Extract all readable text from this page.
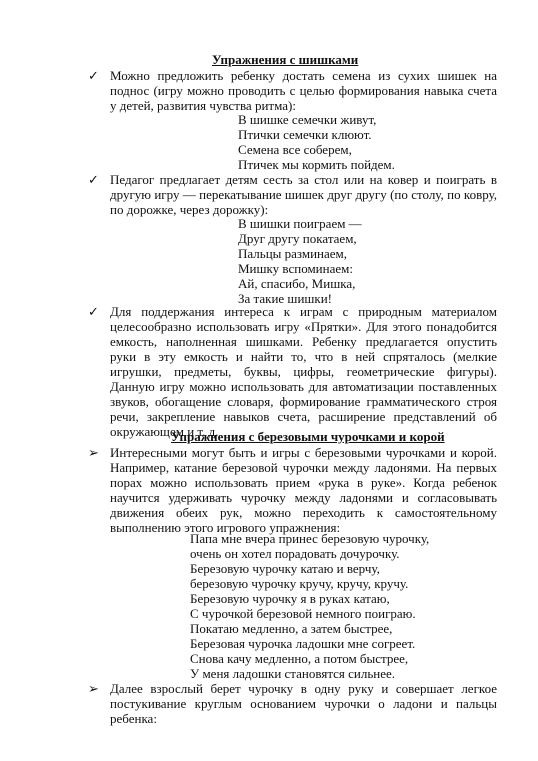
Упражнения с шишками
✓ Можно предложить ребенку достать семена из сухих шишек на поднос (игру можно проводить с целью формирования навыка счета у детей, развития чувства ритма):

В шишке семечки живут,
Птички семечки клюют.
Семена все соберем,
Птичек мы кормить пойдем.
✓ Педагог предлагает детям сесть за стол или на ковер и поиграть в другую игру — перекатывание шишек друг другу (по столу, по ковру, по дорожке, через дорожку):

В шишки поиграем —
Друг другу покатаем,
Пальцы разминаем,
Мишку вспоминаем:
Ай, спасибо, Мишка,
За такие шишки!
✓ Для поддержания интереса к играм с природным материалом целесообразно использовать игру «Прятки». Для этого понадобится емкость, наполненная шишками. Ребенку предлагается опустить руки в эту емкость и найти то, что в ней спряталось (мелкие игрушки, предметы, буквы, цифры, геометрические фигуры). Данную игру можно использовать для автоматизации поставленных звуков, обогащение словаря, формирование грамматического строя речи, закрепление навыков счета, расширение представлений об окружающем и т. д.

Упражнения с березовыми чурочками и корой
➢ Интересными могут быть и игры с березовыми чурочками и корой. Например, катание березовой чурочки между ладонями. На первых порах можно использовать прием «рука в руке». Когда ребенок научится удерживать чурочку между ладонями и согласовывать движения обеих рук, можно переходить к самостоятельному выполнению этого игрового упражнения:

Папа мне вчера принес березовую чурочку,
очень он хотел порадовать дочурочку.
Березовую чурочку катаю и верчу,
березовую чурочку кручу, кручу, кручу.
Березовую чурочку я в руках катаю,
С чурочкой березовой немного поиграю.
Покатаю медленно, а затем быстрее,
Березовая чурочка ладошки мне согреет.
Снова качу медленно, а потом быстрее,
У меня ладошки становятся сильнее.
➢ Далее взрослый берет чурочку в одну руку и совершает легкое постукивание круглым основанием чурочки о ладони и пальцы ребенка:
